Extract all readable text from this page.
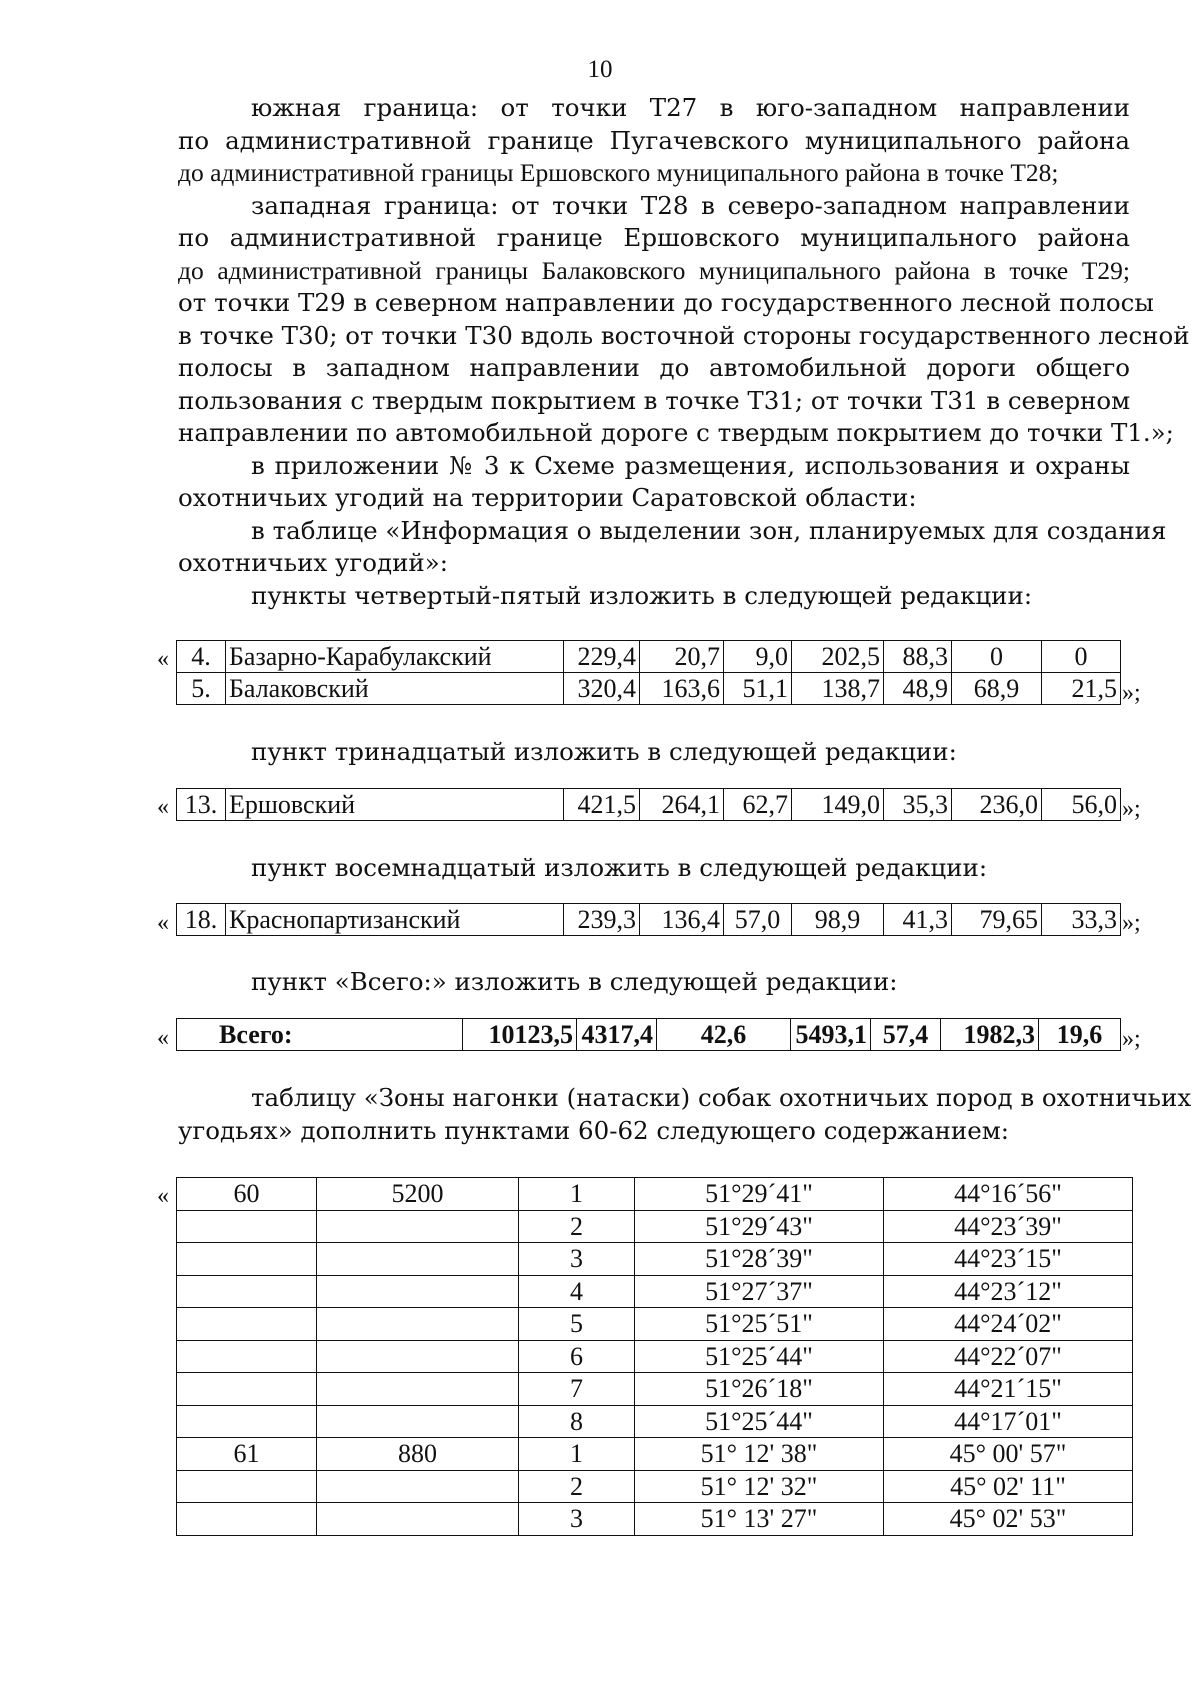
10

южная граница: от точки Т27 в юго-западном направлении

по административной границе Пугачевского муниципального района

до административной границы Ершовского муниципального района в точке Т28;

западная граница: от точки Т28 в северо-западном направлении

по административной границе Ершовского муниципального района

до административной границы Балаковского муниципального района в точке Т29;

от точки Т29 в северном направлении до государственного лесной полосы

в точке Т30; от точки Т30 вдоль восточной стороны государственного лесной

полосы в западном направлении до автомобильной дороги общего

пользования с твердым покрытием в точке Т31; от точки Т31 в северном

направлении по автомобильной дороге с твердым покрытием до точки Т1.»;

в приложении № 3 к Схеме размещения, использования и охраны

охотничьих угодий на территории Саратовской области:

в таблице «Информация о выделении зон, планируемых для создания

охотничьих угодий»:

пункты четвертый-пятый изложить в следующей редакции:

« 4.	Базарно-Карабулакский	229,4	20,7	9,0	202,5	88,3	0	0
5.	Балаковский	320,4	163,6	51,1	138,7	48,9	68,9	21,5 »;

пункт тринадцатый изложить в следующей редакции:

« 13.	Ершовский	421,5	264,1	62,7	149,0	35,3	236,0	56,0 »;

пункт восемнадцатый изложить в следующей редакции:

« 18.	Краснопартизанский	239,3	136,4	57,0	98,9	41,3	79,65	33,3 »;

пункт «Всего:» изложить в следующей редакции:

« Всего:	10123,5	4317,4	42,6	5493,1	57,4	1982,3	19,6 »;

таблицу «Зоны нагонки (натаски) собак охотничьих пород в охотничьих

угодьях» дополнить пунктами 60-62 следующего содержанием:

« 60	5200	1	51°29´41"	44°16´56"
		2	51°29´43"	44°23´39"
		3	51°28´39"	44°23´15"
		4	51°27´37"	44°23´12"
		5	51°25´51"	44°24´02"
		6	51°25´44"	44°22´07"
		7	51°26´18"	44°21´15"
		8	51°25´44"	44°17´01"
61	880	1	51° 12' 38"	45° 00' 57"
		2	51° 12' 32"	45° 02' 11"
		3	51° 13' 27"	45° 02' 53"
